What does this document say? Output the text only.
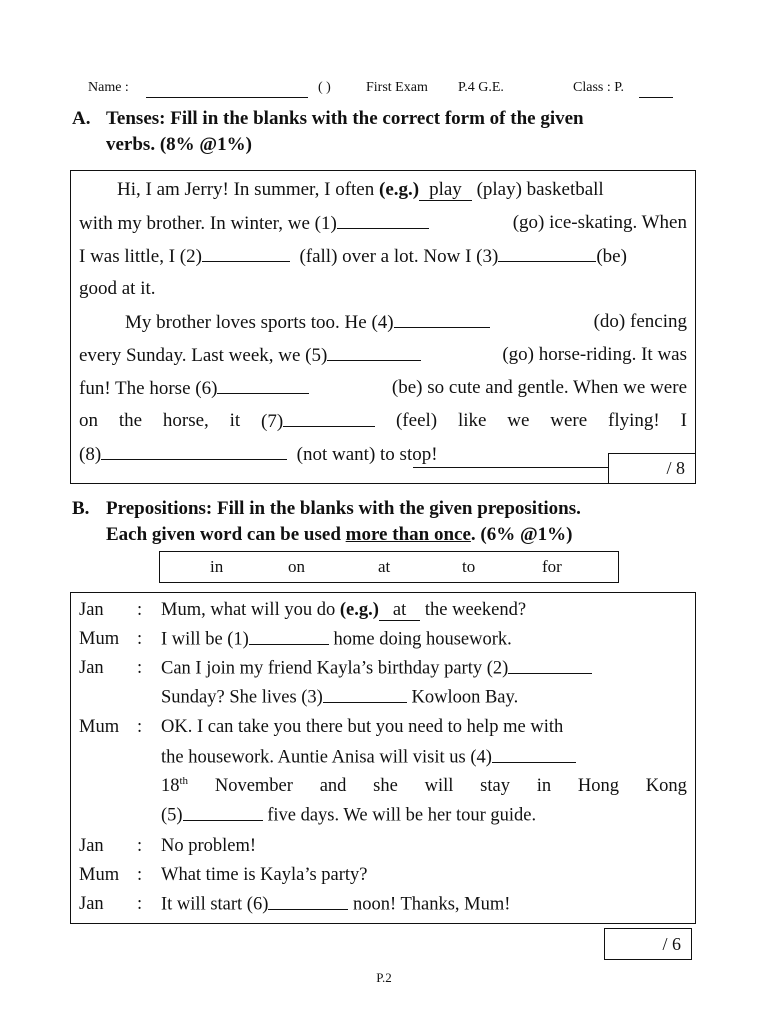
Name :	( )	First Exam P.4 G.E.	Class : P.
A. Tenses: Fill in the blanks with the correct form of the given
verbs. (8% @1%)
Hi, I am Jerry! In summer, I often (e.g.) play (play) basketball
with my brother. In winter, we (1)	(go) ice-skating. When
I was little, I (2)	(fall) over a lot. Now I (3)	(be)
good at it.
My brother loves sports too. He (4)	(do) fencing
every Sunday. Last week, we (5)	(go) horse-riding. It was
fun! The horse (6)	(be) so cute and gentle. When we were
on the horse, it (7)	(feel) like we were flying! I
(8)	(not want) to stop!
/ 8
B. Prepositions: Fill in the blanks with the given prepositions.
Each given word can be used more than once. (6% @1%)
in	on	at	to	for
Jan	: Mum, what will you do (e.g.) at the weekend?
Mum : I will be (1)	home doing housework.
Jan	: Can I join my friend Kayla’s birthday party (2)
Sunday? She lives (3)	Kowloon Bay.
Mum : OK. I can take you there but you need to help me with
the housework. Auntie Anisa will visit us (4)
18th November and she will stay in Hong Kong
(5)	five days. We will be her tour guide.
Jan	: No problem!
Mum : What time is Kayla’s party?
Jan	: It will start (6)	noon! Thanks, Mum!
/ 6
P.2
